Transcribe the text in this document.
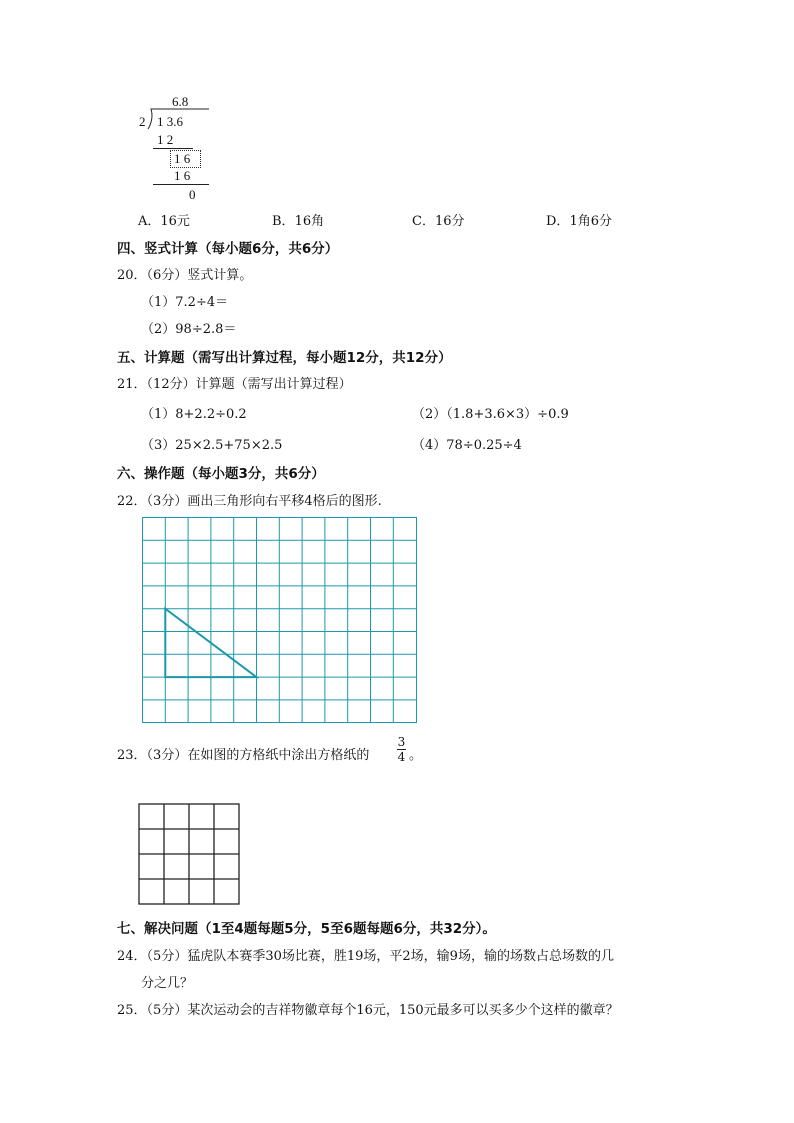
6.8
2 1 3.6
1 2
1 6
1 6
0
A．16元	B．16角	C．16分	D．1角6分
四、竖式计算（每小题6分，共6分）
20．（6分）竖式计算。
（1）7.2÷4＝
（2）98÷2.8＝
五、计算题（需写出计算过程，每小题12分，共12分）
21．（12分）计算题（需写出计算过程）
（1）8+2.2÷0.2	（2）（1.8+3.6×3）÷0.9
（3）25×2.5+75×2.5	（4）78÷0.25÷4
六、操作题（每小题3分，共6分）
22．（3分）画出三角形向右平移4格后的图形.
23．（3分）在如图的方格纸中涂出方格纸的
3
4 。
七、解决问题（1至4题每题5分，5至6题每题6分，共32分）。
24．（5分）猛虎队本赛季30场比赛，胜19场，平2场，输9场，输的场数占总场数的几
分之几？
25．（5分）某次运动会的吉祥物徽章每个16元，150元最多可以买多少个这样的徽章？
